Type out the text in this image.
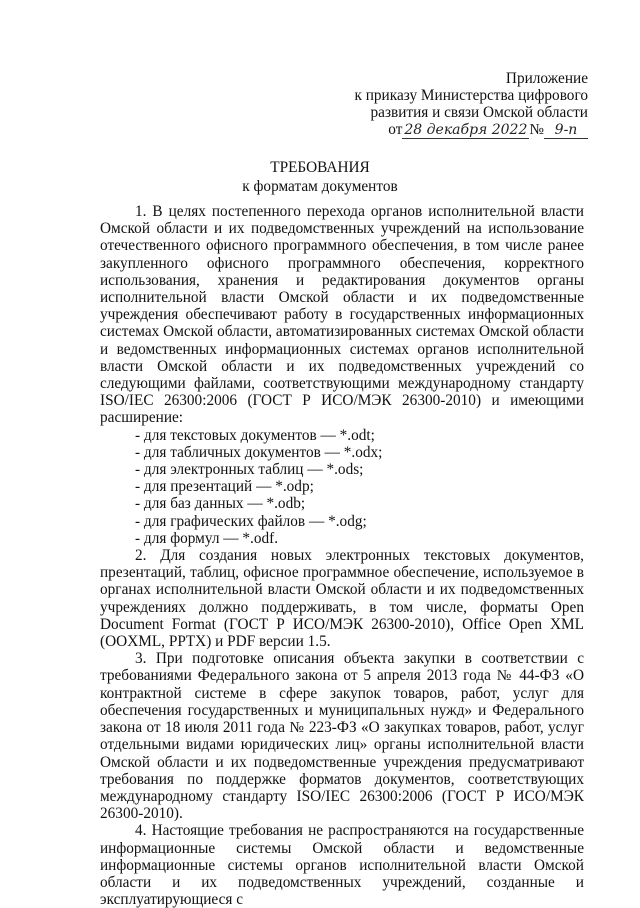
Приложение
к приказу Министерства цифрового
развития и связи Омской области
от 28 декабря 2022 № 9-п
ТРЕБОВАНИЯ
к форматам документов

1. В целях постепенного перехода органов исполнительной власти Омской области и их подведомственных учреждений на использование отечественного офисного программного обеспечения, в том числе ранее закупленного офисного программного обеспечения, корректного использования, хранения и редактирования документов органы исполнительной власти Омской области и их подведомственные учреждения обеспечивают работу в государственных информационных системах Омской области, автоматизированных системах Омской области и ведомственных информационных системах органов исполнительной власти Омской области и их подведомственных учреждений со следующими файлами, соответствующими международному стандарту ISO/IEC 26300:2006 (ГОСТ Р ИСО/МЭК 26300-2010) и имеющими расширение:

- для текстовых документов — *.odt;
- для табличных документов — *.odx;
- для электронных таблиц — *.ods;
- для презентаций — *.odp;
- для баз данных — *.odb;
- для графических файлов — *.odg;
- для формул — *.odf.

2. Для создания новых электронных текстовых документов, презентаций, таблиц, офисное программное обеспечение, используемое в органах исполнительной власти Омской области и их подведомственных учреждениях должно поддерживать, в том числе, форматы Open Document Format (ГОСТ Р ИСО/МЭК 26300-2010), Office Open XML (OOXML, PPTX) и PDF версии 1.5.

3. При подготовке описания объекта закупки в соответствии с требованиями Федерального закона от 5 апреля 2013 года № 44-ФЗ «О контрактной системе в сфере закупок товаров, работ, услуг для обеспечения государственных и муниципальных нужд» и Федерального закона от 18 июля 2011 года № 223-ФЗ «О закупках товаров, работ, услуг отдельными видами юридических лиц» органы исполнительной власти Омской области и их подведомственные учреждения предусматривают требования по поддержке форматов документов, соответствующих международному стандарту ISO/IEC 26300:2006 (ГОСТ Р ИСО/МЭК 26300-2010).

4. Настоящие требования не распространяются на государственные информационные системы Омской области и ведомственные информационные системы органов исполнительной власти Омской области и их подведомственных учреждений, созданные и эксплуатирующиеся с
